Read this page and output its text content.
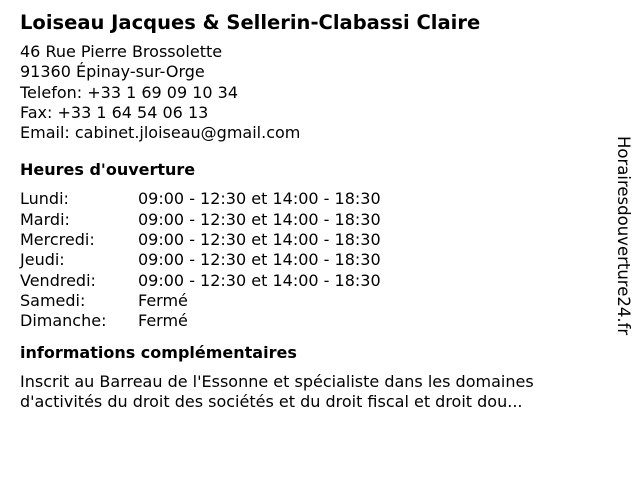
Loiseau Jacques & Sellerin-Clabassi Claire
46 Rue Pierre Brossolette
91360 Épinay-sur-Orge
Telefon: +33 1 69 09 10 34
Fax: +33 1 64 54 06 13
Email: cabinet.jloiseau@gmail.com
Heures d'ouverture
Lundi:	09:00 - 12:30 et 14:00 - 18:30
Mardi:	09:00 - 12:30 et 14:00 - 18:30
Mercredi:	09:00 - 12:30 et 14:00 - 18:30
Jeudi:	09:00 - 12:30 et 14:00 - 18:30
Vendredi:	09:00 - 12:30 et 14:00 - 18:30
Samedi:	Fermé
Dimanche:	Fermé
informations complémentaires

Inscrit au Barreau de l'Essonne et spécialiste dans les domaines d'activités du droit des sociétés et du droit fiscal et droit dou...

Horairesdouverture24.fr
